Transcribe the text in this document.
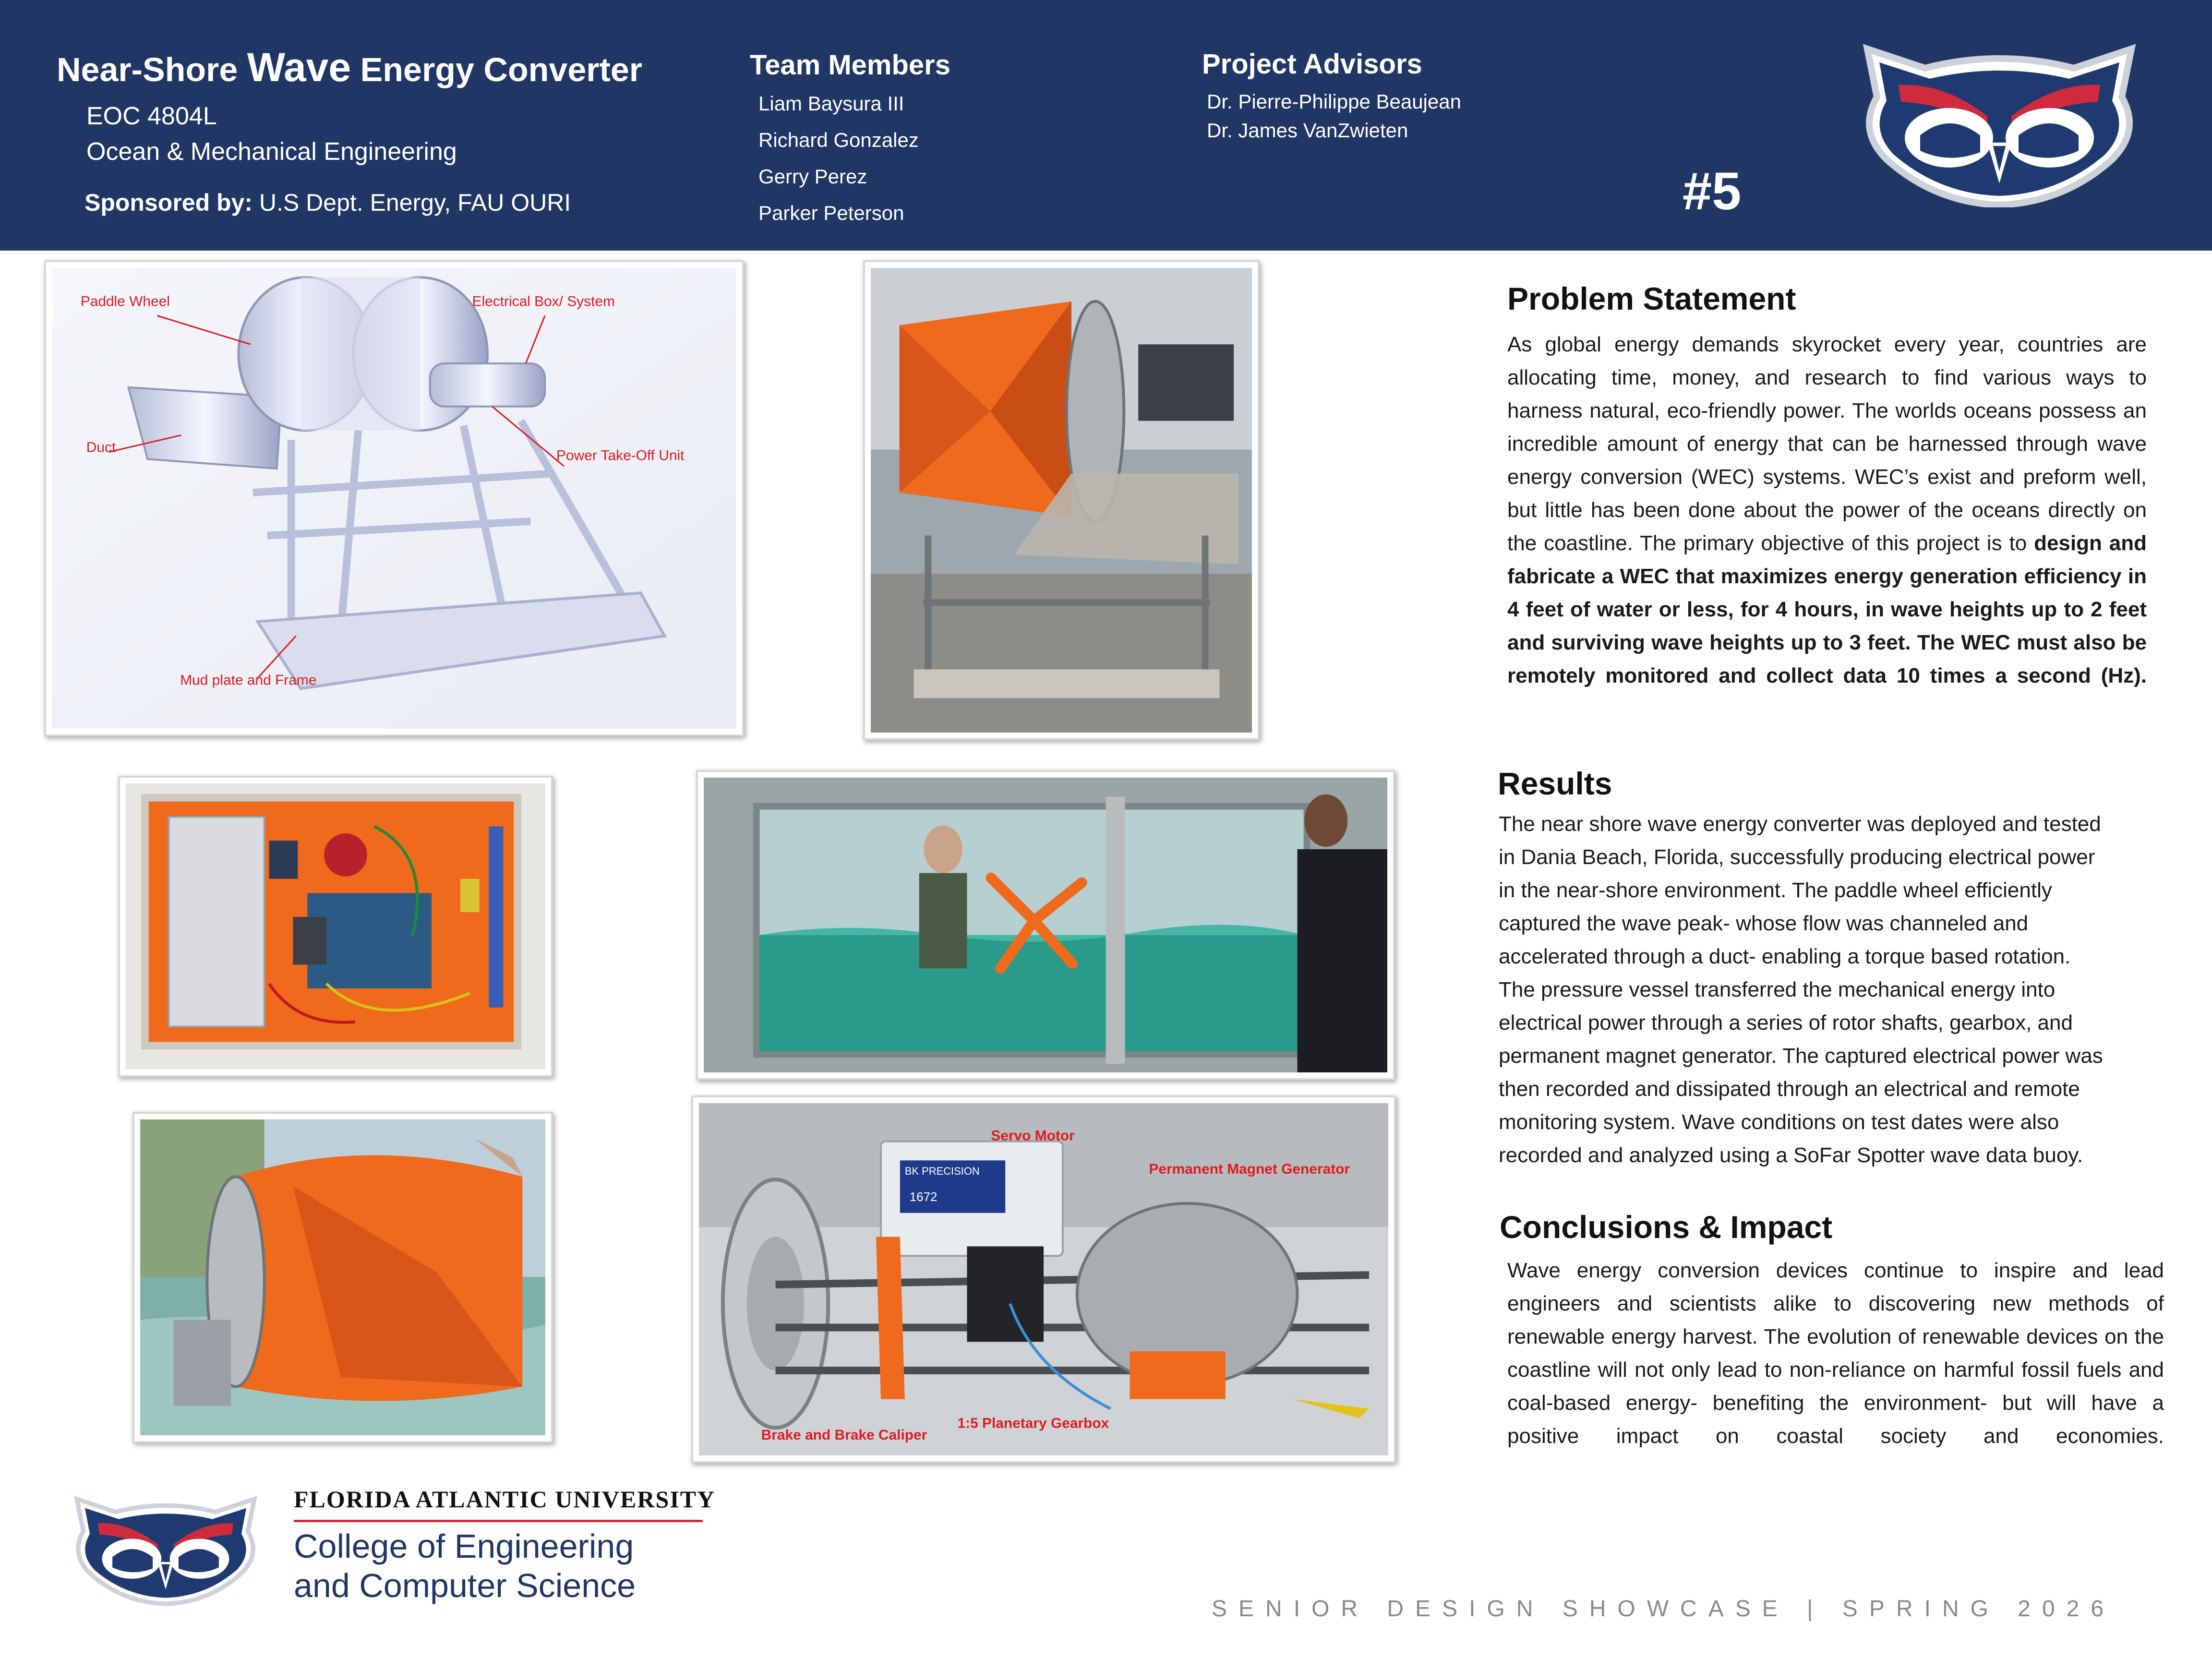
Near-Shore Wave Energy Converter
EOC 4804L
Ocean & Mechanical Engineering
Sponsored by: U.S Dept. Energy, FAU OURI
Team Members
Liam Baysura III
Richard Gonzalez
Gerry Perez
Parker Peterson
Project Advisors
Dr. Pierre-Philippe Beaujean
Dr. James VanZwieten
#5
Paddle Wheel	Electrical Box/ System
Duct
Power Take-Off Unit
Mud plate and Frame
BK PRECISION
1672
Servo Motor
Permanent Magnet Generator
Brake and Brake Caliper
1:5 Planetary Gearbox
Problem Statement
As global energy demands skyrocket every year, countries are allocating time, money, and research to find various ways to harness natural, eco-friendly power. The worlds oceans possess an incredible amount of energy that can be harnessed through wave energy conversion (WEC) systems. WEC’s exist and preform well, but little has been done about the power of the oceans directly on the coastline. The primary objective of this project is to design and fabricate a WEC that maximizes energy generation efficiency in 4 feet of water or less, for 4 hours, in wave heights up to 2 feet and surviving wave heights up to 3 feet. The WEC must also be remotely monitored and collect data 10 times a second (Hz).
Results
The near shore wave energy converter was deployed and tested
in Dania Beach, Florida, successfully producing electrical power
in the near-shore environment. The paddle wheel efficiently
captured the wave peak- whose flow was channeled and
accelerated through a duct- enabling a torque based rotation.
The pressure vessel transferred the mechanical energy into
electrical power through a series of rotor shafts, gearbox, and
permanent magnet generator. The captured electrical power was
then recorded and dissipated through an electrical and remote
monitoring system. Wave conditions on test dates were also
recorded and analyzed using a SoFar Spotter wave data buoy.
Conclusions & Impact
Wave energy conversion devices continue to inspire and lead engineers and scientists alike to discovering new methods of renewable energy harvest. The evolution of renewable devices on the coastline will not only lead to non-reliance on harmful fossil fuels and coal-based energy- benefiting the environment- but will have a positive impact on coastal society and economies.
FLORIDA ATLANTIC UNIVERSITY
College of Engineering
and Computer Science
SENIOR DESIGN SHOWCASE | SPRING 2026
